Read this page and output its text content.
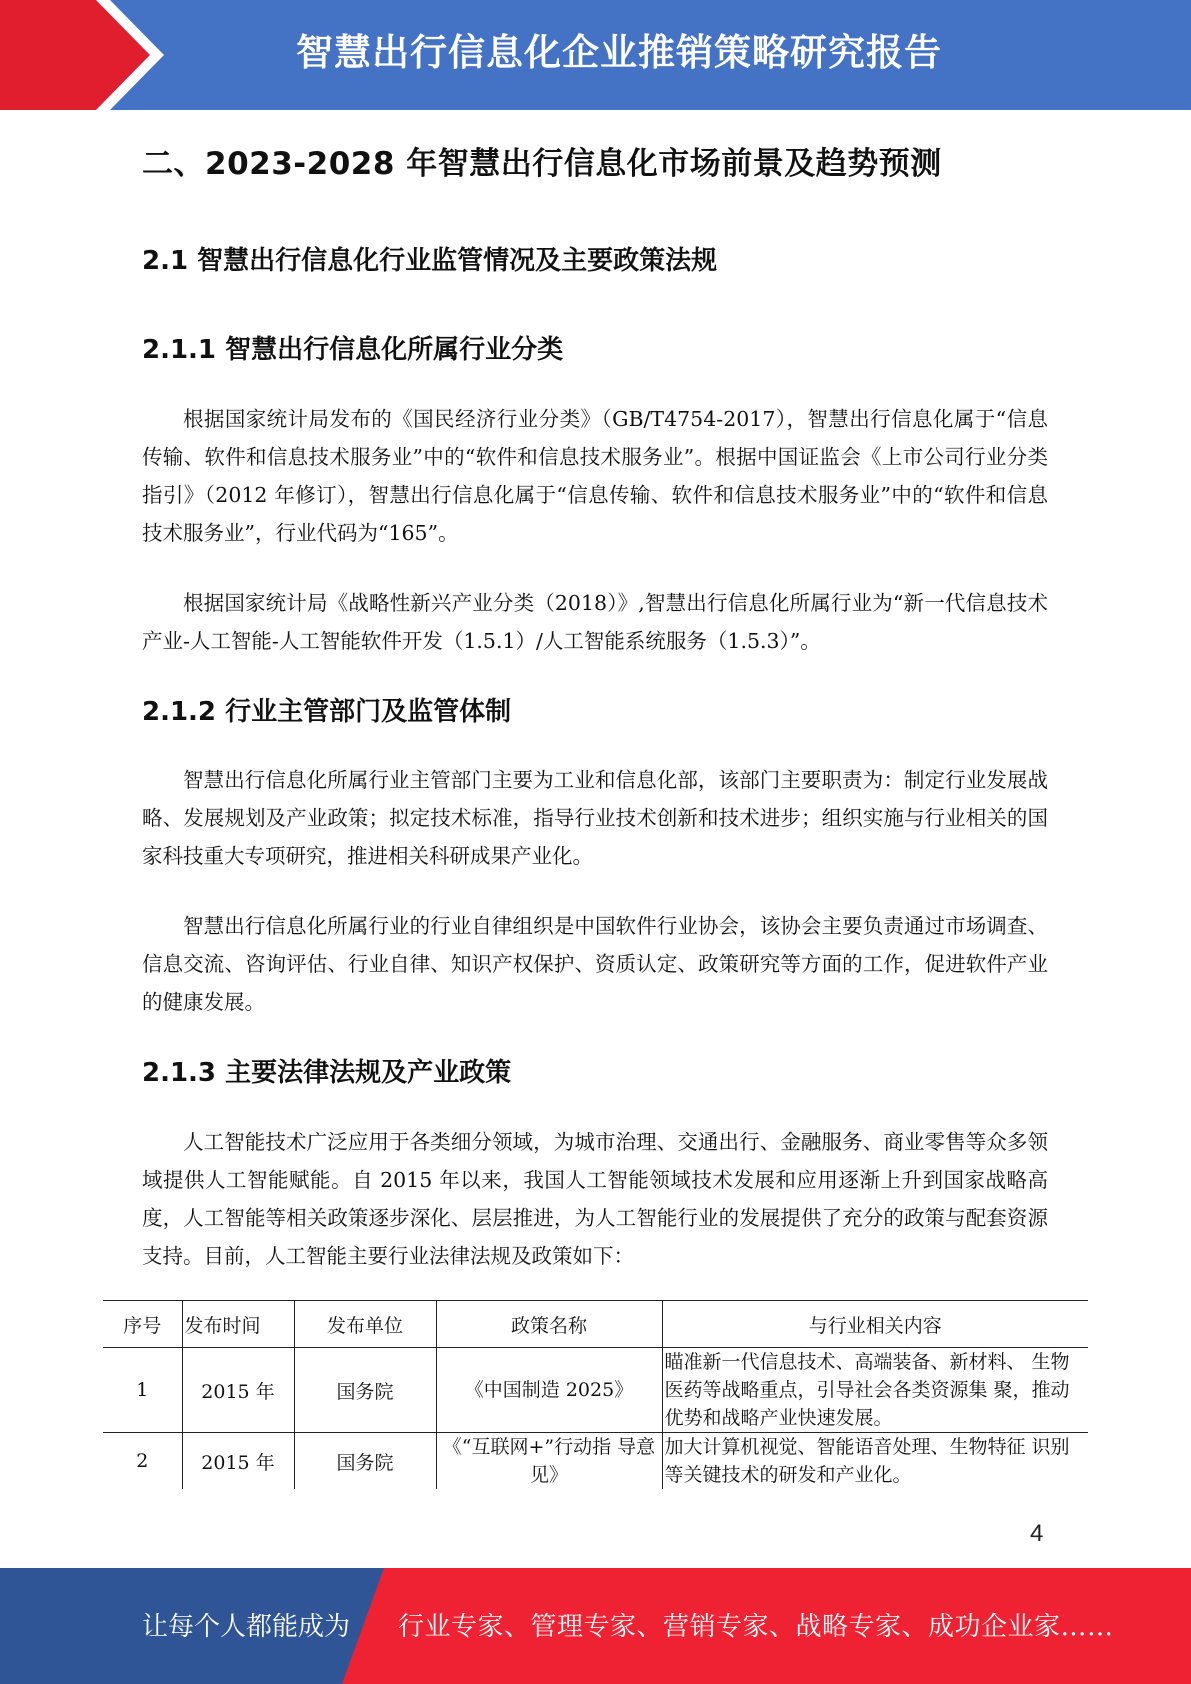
智慧出行信息化企业推销策略研究报告
二、2023-2028 年智慧出行信息化市场前景及趋势预测
2.1 智慧出行信息化行业监管情况及主要政策法规
2.1.1 智慧出行信息化所属行业分类
根据国家统计局发布的《国民经济行业分类》（GB/T4754-2017），智慧出行信息化属于“信息传输、软件和信息技术服务业”中的“软件和信息技术服务业”。根据中国证监会《上市公司行业分类指引》（2012 年修订），智慧出行信息化属于“信息传输、软件和信息技术服务业”中的“软件和信息技术服务业”，行业代码为“165”。
根据国家统计局《战略性新兴产业分类（2018）》,智慧出行信息化所属行业为“新一代信息技术产业-人工智能-人工智能软件开发（1.5.1）/人工智能系统服务（1.5.3）”。
2.1.2 行业主管部门及监管体制
智慧出行信息化所属行业主管部门主要为工业和信息化部，该部门主要职责为：制定行业发展战略、发展规划及产业政策；拟定技术标准，指导行业技术创新和技术进步；组织实施与行业相关的国家科技重大专项研究，推进相关科研成果产业化。
智慧出行信息化所属行业的行业自律组织是中国软件行业协会，该协会主要负责通过市场调查、信息交流、咨询评估、行业自律、知识产权保护、资质认定、政策研究等方面的工作，促进软件产业的健康发展。
2.1.3 主要法律法规及产业政策
人工智能技术广泛应用于各类细分领域，为城市治理、交通出行、金融服务、商业零售等众多领域提供人工智能赋能。自 2015 年以来，我国人工智能领域技术发展和应用逐渐上升到国家战略高度，人工智能等相关政策逐步深化、层层推进，为人工智能行业的发展提供了充分的政策与配套资源支持。目前，人工智能主要行业法律法规及政策如下：
序号	发布时间	发布单位	政策名称	与行业相关内容
1	2015 年	国务院	《中国制造 2025》	瞄准新一代信息技术、高端装备、新材料、 生物医药等战略重点，引导社会各类资源集 聚，推动优势和战略产业快速发展。
2	2015 年	国务院	《“互联网+”行动指 导意见》	加大计算机视觉、智能语音处理、生物特征 识别等关键技术的研发和产业化。
4
让每个人都能成为 行业专家、管理专家、营销专家、战略专家、成功企业家……
